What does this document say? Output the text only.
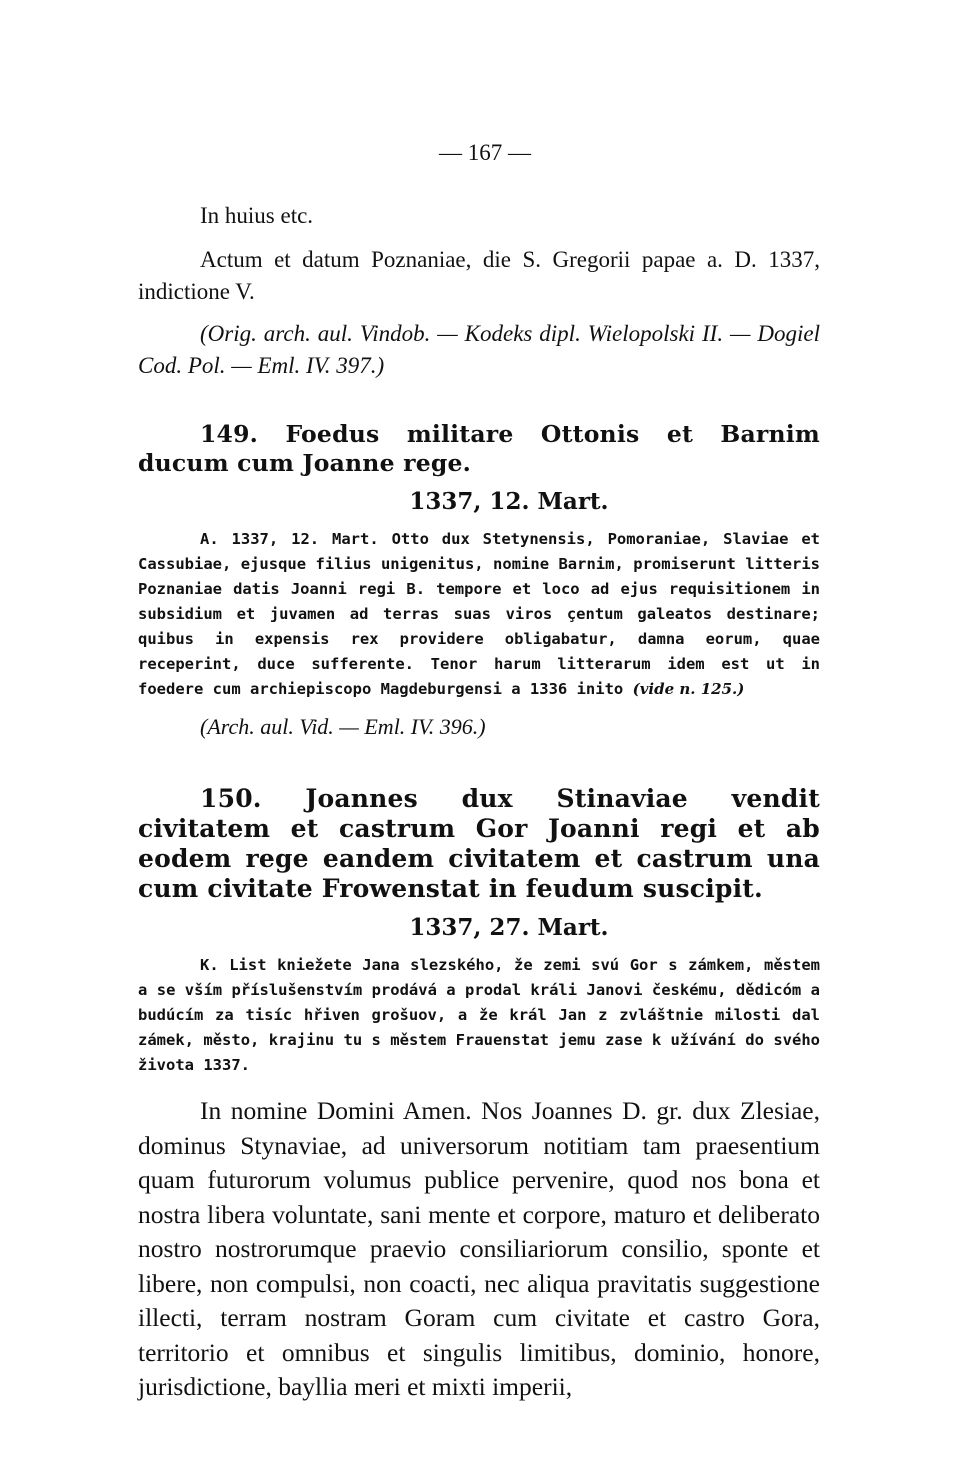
— 167 —

In huius etc.

Actum et datum Poznaniae, die S. Gregorii papae a. D. 1337, indictione V.

(Orig. arch. aul. Vindob. — Kodeks dipl. Wielopolski II. — Dogiel Cod. Pol. — Eml. IV. 397.)

149. Foedus militare Ottonis et Barnim ducum cum Joanne rege.
1337, 12. Mart.

A. 1337, 12. Mart. Otto dux Stetynensis, Pomoraniae, Slaviae et Cassubiae, ejusque filius unigenitus, nomine Barnim, promiserunt litteris Poznaniae datis Joanni regi B. tempore et loco ad ejus requisitionem in subsidium et juvamen ad terras suas viros çentum galeatos destinare; quibus in expensis rex providere obligabatur, damna eorum, quae receperint, duce sufferente. Tenor harum litterarum idem est ut in foedere cum archiepiscopo Magdeburgensi a 1336 inito (vide n. 125.)

(Arch. aul. Vid. — Eml. IV. 396.)

150. Joannes dux Stinaviae vendit civitatem et castrum Gor Joanni regi et ab eodem rege eandem civitatem et castrum una cum civitate Frowenstat in feudum suscipit.
1337, 27. Mart.

K. List kniežete Jana slezského, že zemi svú Gor s zámkem, městem a se vším příslušenstvím prodává a prodal králi Janovi českému, dědicóm a budúcím za tisíc hřiven grošuov, a že král Jan z zvláštnie milosti dal zámek, město, krajinu tu s městem Frauenstat jemu zase k užívání do svého života 1337.

In nomine Domini Amen. Nos Joannes D. gr. dux Zlesiae, dominus Stynaviae, ad universorum notitiam tam praesentium quam futurorum volumus publice pervenire, quod nos bona et nostra libera voluntate, sani mente et corpore, maturo et deliberato nostro nostrorumque praevio consiliariorum consilio, sponte et libere, non compulsi, non coacti, nec aliqua pravitatis suggestione illecti, terram nostram Goram cum civitate et castro Gora, territorio et omnibus et singulis limitibus, dominio, honore, jurisdictione, bayllia meri et mixti imperii,
